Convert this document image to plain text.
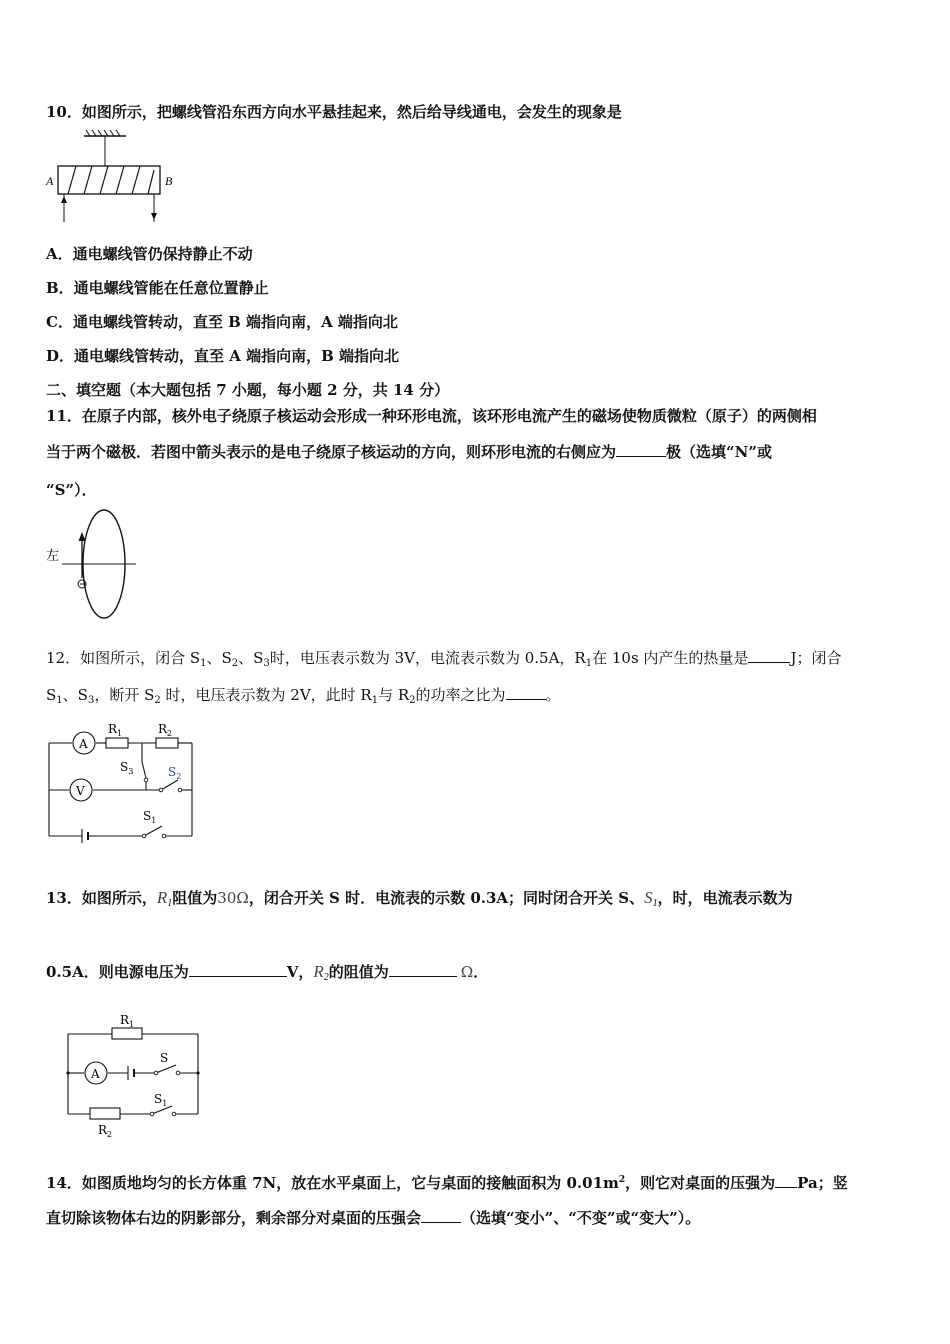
10．如图所示，把螺线管沿东西方向水平悬挂起来，然后给导线通电，会发生的现象是
A	B
A．通电螺线管仍保持静止不动
B．通电螺线管能在任意位置静止
C．通电螺线管转动，直至 B 端指向南，A 端指向北
D．通电螺线管转动，直至 A 端指向南，B 端指向北
二、填空题（本大题包括 7 小题，每小题 2 分，共 14 分）
11．在原子内部，核外电子绕原子核运动会形成一种环形电流，该环形电流产生的磁场使物质微粒（原子）的两侧相
当于两个磁极．若图中箭头表示的是电子绕原子核运动的方向，则环形电流的右侧应为	极（选填“N”或
“S”）．
左
12．如图所示，闭合 $S_1$、$S_2$、$S_3$时，电压表示数为 3V，电流表示数为 0.5A，$R_1$在 10s 内产生的热量是	J；闭合
$S_1$、$S_3$，断开 $S_2$ 时，电压表示数为 2V，此时 $R_1$与 $R_2$的功率之比为	。
A
V
$R_1$	$R_2$
$S_3$	$S_2$
$S_1$
13．如图所示，$R_1$阻值为30Ω，闭合开关 S 时．电流表的示数 0.3A；同时闭合开关 S、$S_1$，时，电流表示数为
0.5A．则电源电压为	V，$R_2$的阻值为	Ω．
A
$R_1$
$R_2$
S
$S_1$
14．如图质地均匀的长方体重 7N，放在水平桌面上，它与桌面的接触面积为 $0.01m^2$，则它对桌面的压强为 Pa；竖
直切除该物体右边的阴影部分，剩余部分对桌面的压强会	（选填“变小”、“不变”或“变大”）。
